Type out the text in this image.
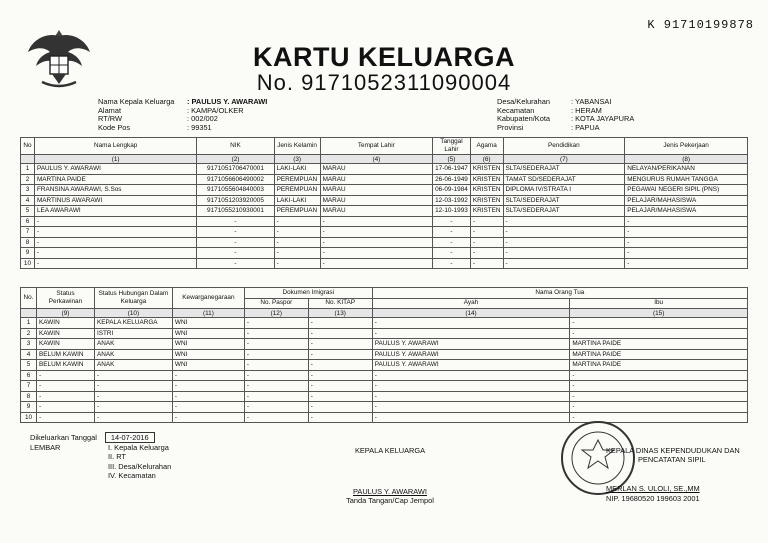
K 91710199878
KARTU KELUARGA
No. 9171052311090004
Nama Kepala Keluarga	: PAULUS Y. AWARAWI
Alamat	: KAMPA/OLKER
RT/RW	: 002/002
Kode Pos	: 99351
Desa/Kelurahan	: YABANSAI
Kecamatan	: HERAM
Kabupaten/Kota	: KOTA JAYAPURA
Provinsi	: PAPUA
No	Nama Lengkap	NIK	Jenis Kelamin	Tempat Lahir	Tanggal Lahir	Agama	Pendidikan	Jenis Pekerjaan
	(1)	(2)	(3)	(4)	(5)	(6)	(7)	(8)
1	PAULUS Y. AWARAWI	9171051706470001	LAKI-LAKI	MARAU	17-06-1947	KRISTEN	SLTA/SEDERAJAT	NELAYAN/PERIKANAN
2	MARTINA PAIDE	9171056606490002	PEREMPUAN	MARAU	26-06-1949	KRISTEN	TAMAT SD/SEDERAJAT	MENGURUS RUMAH TANGGA
3	FRANSINA AWARAWI, S.Sos	9171055604840003	PEREMPUAN	MARAU	06-09-1984	KRISTEN	DIPLOMA IV/STRATA I	PEGAWAI NEGERI SIPIL (PNS)
4	MARTINUS AWARAWI	9171051203920005	LAKI-LAKI	MARAU	12-03-1992	KRISTEN	SLTA/SEDERAJAT	PELAJAR/MAHASISWA
5	LEA AWARAWI	9171055210930001	PEREMPUAN	MARAU	12-10-1993	KRISTEN	SLTA/SEDERAJAT	PELAJAR/MAHASISWA
6	-	-	-	-	-	-	-	-
7	-	-	-	-	-	-	-	-
8	-	-	-	-	-	-	-	-
9	-	-	-	-	-	-	-	-
10	-	-	-	-	-	-	-	-
No.	Status Perkawinan	Status Hubungan Dalam Keluarga	Kewarganegaraan	Dokumen Imigrasi		Nama Orang Tua	
				No. Paspor	No. KITAP	Ayah	Ibu
	(9)	(10)	(11)	(12)	(13)	(14)	(15)
1	KAWIN	KEPALA KELUARGA	WNI	-	-	-	-
2	KAWIN	ISTRI	WNI	-	-	-	-
3	KAWIN	ANAK	WNI	-	-	PAULUS Y. AWARAWI	MARTINA PAIDE
4	BELUM KAWIN	ANAK	WNI	-	-	PAULUS Y. AWARAWI	MARTINA PAIDE
5	BELUM KAWIN	ANAK	WNI	-	-	PAULUS Y. AWARAWI	MARTINA PAIDE
6	-	-	-	-	-	-	-
7	-	-	-	-	-	-	-
8	-	-	-	-	-	-	-
9	-	-	-	-	-	-	-
10	-	-	-	-	-	-	-
Dikeluarkan Tanggal 14-07-2016
LEMBAR	I. Kepala Keluarga
II. RT
III. Desa/Kelurahan
IV. Kecamatan
KEPALA KELUARGA
PAULUS Y. AWARAWI
Tanda Tangan/Cap Jempol
KEPALA DINAS KEPENDUDUKAN DAN
PENCATATAN SIPIL
MERLAN S. ULOLI, SE.,MM
NIP. 19680520 199603 2001
